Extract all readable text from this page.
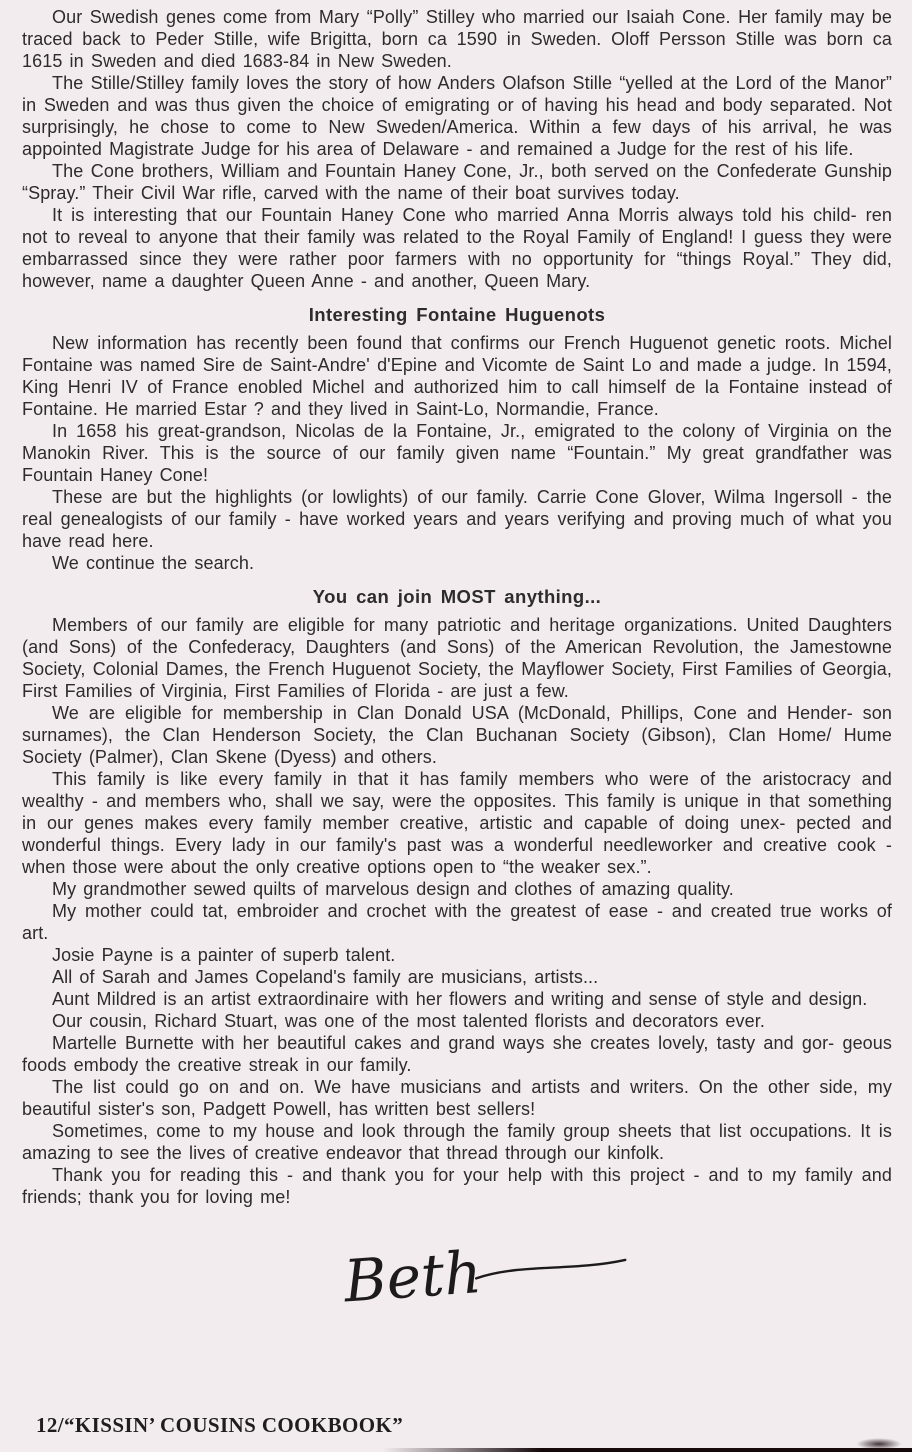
Our Swedish genes come from Mary “Polly” Stilley who married our Isaiah Cone. Her family may be traced back to Peder Stille, wife Brigitta, born ca 1590 in Sweden. Oloff Persson Stille was born ca 1615 in Sweden and died 1683-84 in New Sweden.

The Stille/Stilley family loves the story of how Anders Olafson Stille “yelled at the Lord of the Manor” in Sweden and was thus given the choice of emigrating or of having his head and body separated. Not surprisingly, he chose to come to New Sweden/America. Within a few days of his arrival, he was appointed Magistrate Judge for his area of Delaware - and remained a Judge for the rest of his life.

The Cone brothers, William and Fountain Haney Cone, Jr., both served on the Confederate Gunship “Spray.” Their Civil War rifle, carved with the name of their boat survives today.

It is interesting that our Fountain Haney Cone who married Anna Morris always told his child- ren not to reveal to anyone that their family was related to the Royal Family of England! I guess they were embarrassed since they were rather poor farmers with no opportunity for “things Royal.” They did, however, name a daughter Queen Anne - and another, Queen Mary.

Interesting Fontaine Huguenots

New information has recently been found that confirms our French Huguenot genetic roots. Michel Fontaine was named Sire de Saint-Andre' d'Epine and Vicomte de Saint Lo and made a judge. In 1594, King Henri IV of France enobled Michel and authorized him to call himself de la Fontaine instead of Fontaine. He married Estar ? and they lived in Saint-Lo, Normandie, France.

In 1658 his great-grandson, Nicolas de la Fontaine, Jr., emigrated to the colony of Virginia on the Manokin River. This is the source of our family given name “Fountain.” My great grandfather was Fountain Haney Cone!

These are but the highlights (or lowlights) of our family. Carrie Cone Glover, Wilma Ingersoll - the real genealogists of our family - have worked years and years verifying and proving much of what you have read here.

We continue the search.

You can join MOST anything...

Members of our family are eligible for many patriotic and heritage organizations. United Daughters (and Sons) of the Confederacy, Daughters (and Sons) of the American Revolution, the Jamestowne Society, Colonial Dames, the French Huguenot Society, the Mayflower Society, First Families of Georgia, First Families of Virginia, First Families of Florida - are just a few.

We are eligible for membership in Clan Donald USA (McDonald, Phillips, Cone and Hender- son surnames), the Clan Henderson Society, the Clan Buchanan Society (Gibson), Clan Home/ Hume Society (Palmer), Clan Skene (Dyess) and others.

This family is like every family in that it has family members who were of the aristocracy and wealthy - and members who, shall we say, were the opposites. This family is unique in that something in our genes makes every family member creative, artistic and capable of doing unex- pected and wonderful things. Every lady in our family's past was a wonderful needleworker and creative cook - when those were about the only creative options open to “the weaker sex.”.

My grandmother sewed quilts of marvelous design and clothes of amazing quality.

My mother could tat, embroider and crochet with the greatest of ease - and created true works of art.

Josie Payne is a painter of superb talent.

All of Sarah and James Copeland's family are musicians, artists...

Aunt Mildred is an artist extraordinaire with her flowers and writing and sense of style and design.

Our cousin, Richard Stuart, was one of the most talented florists and decorators ever.

Martelle Burnette with her beautiful cakes and grand ways she creates lovely, tasty and gor- geous foods embody the creative streak in our family.

The list could go on and on. We have musicians and artists and writers. On the other side, my beautiful sister's son, Padgett Powell, has written best sellers!

Sometimes, come to my house and look through the family group sheets that list occupations. It is amazing to see the lives of creative endeavor that thread through our kinfolk.

Thank you for reading this - and thank you for your help with this project - and to my family and friends; thank you for loving me!

Beth
12/“KISSIN’ COUSINS COOKBOOK”
